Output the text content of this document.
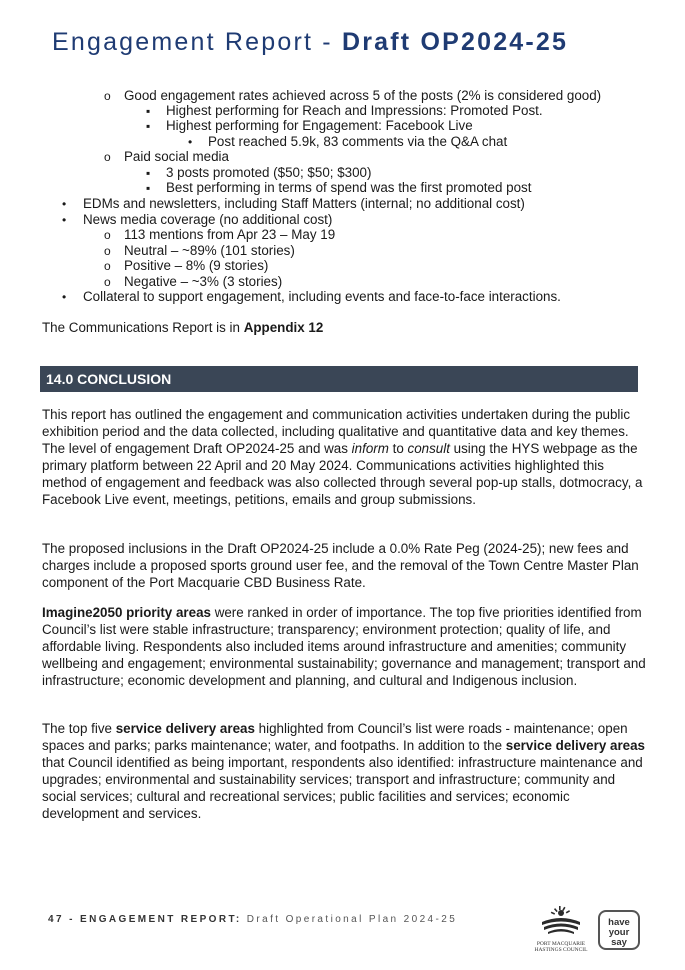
Engagement Report - Draft OP2024-25
o Good engagement rates achieved across 5 of the posts (2% is considered good)
▪ Highest performing for Reach and Impressions: Promoted Post.
▪ Highest performing for Engagement: Facebook Live
• Post reached 5.9k, 83 comments via the Q&A chat
o Paid social media
▪ 3 posts promoted ($50; $50; $300)
▪ Best performing in terms of spend was the first promoted post
• EDMs and newsletters, including Staff Matters (internal; no additional cost)
• News media coverage (no additional cost)
o 113 mentions from Apr 23 – May 19
o Neutral – ~89% (101 stories)
o Positive – 8% (9 stories)
o Negative – ~3% (3 stories)
• Collateral to support engagement, including events and face-to-face interactions.
The Communications Report is in Appendix 12
14.0 CONCLUSION

This report has outlined the engagement and communication activities undertaken during the public exhibition period and the data collected, including qualitative and quantitative data and key themes. The level of engagement Draft OP2024-25 and was inform to consult using the HYS webpage as the primary platform between 22 April and 20 May 2024. Communications activities highlighted this method of engagement and feedback was also collected through several pop-up stalls, dotmocracy, a Facebook Live event, meetings, petitions, emails and group submissions.

The proposed inclusions in the Draft OP2024-25 include a 0.0% Rate Peg (2024-25); new fees and charges include a proposed sports ground user fee, and the removal of the Town Centre Master Plan component of the Port Macquarie CBD Business Rate.

Imagine2050 priority areas were ranked in order of importance. The top five priorities identified from Council’s list were stable infrastructure; transparency; environment protection; quality of life, and affordable living. Respondents also included items around infrastructure and amenities; community wellbeing and engagement; environmental sustainability; governance and management; transport and infrastructure; economic development and planning, and cultural and Indigenous inclusion.

The top five service delivery areas highlighted from Council’s list were roads - maintenance; open spaces and parks; parks maintenance; water, and footpaths. In addition to the service delivery areas that Council identified as being important, respondents also identified: infrastructure maintenance and upgrades; environmental and sustainability services; transport and infrastructure; community and social services; cultural and recreational services; public facilities and services; economic development and services.

47 - ENGAGEMENT REPORT: Draft Operational Plan 2024-25
PORT MACQUARIE
HASTINGS COUNCIL
have
your say
